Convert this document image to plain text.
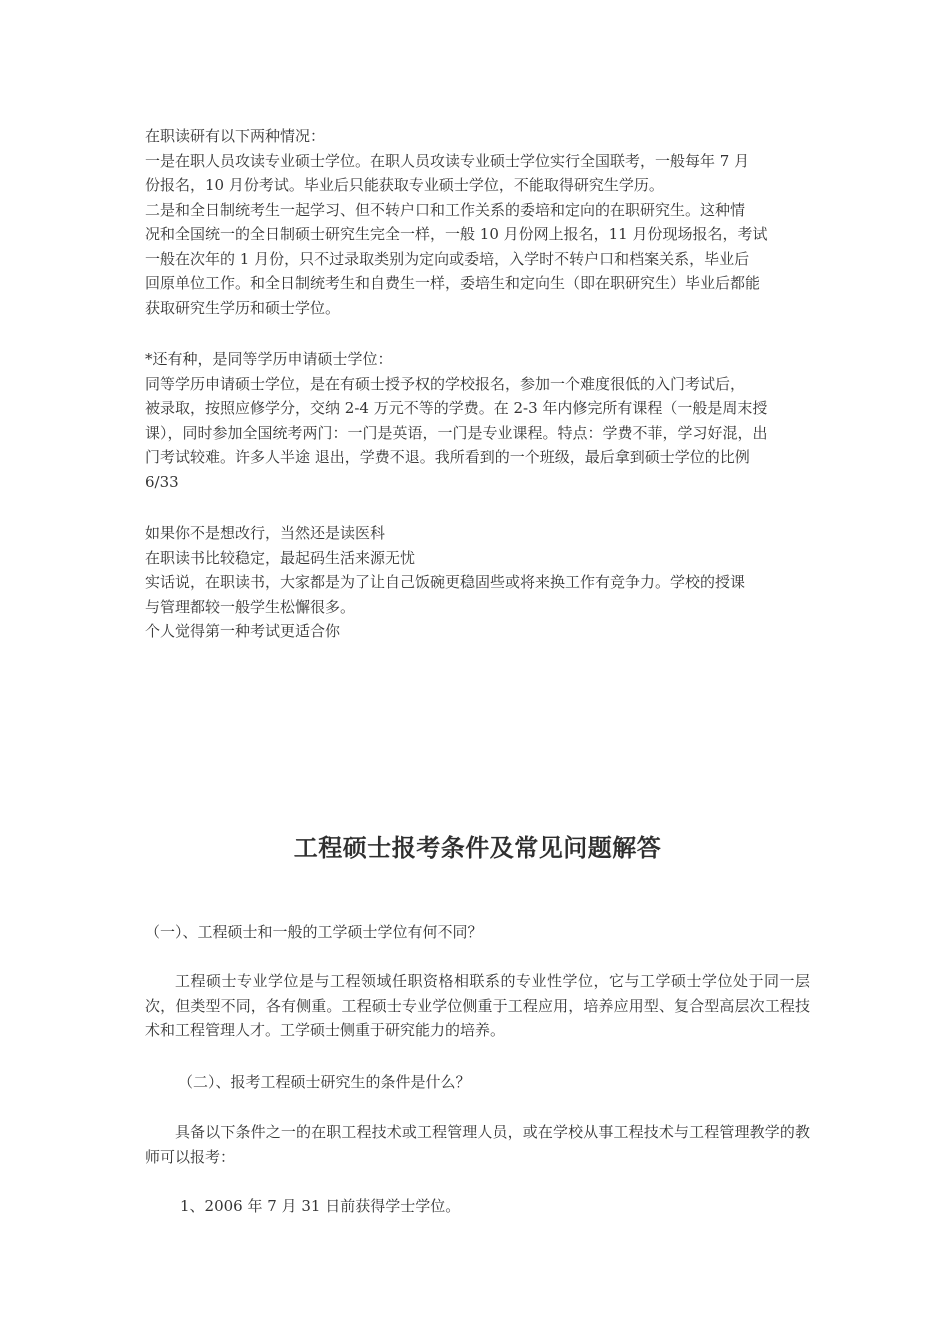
在职读研有以下两种情况：

一是在职人员攻读专业硕士学位。在职人员攻读专业硕士学位实行全国联考，一般每年 7 月

份报名，10 月份考试。毕业后只能获取专业硕士学位，不能取得研究生学历。

二是和全日制统考生一起学习、但不转户口和工作关系的委培和定向的在职研究生。这种情

况和全国统一的全日制硕士研究生完全一样，一般 10 月份网上报名，11 月份现场报名，考试

一般在次年的 1 月份，只不过录取类别为定向或委培，入学时不转户口和档案关系，毕业后

回原单位工作。和全日制统考生和自费生一样，委培生和定向生（即在职研究生）毕业后都能

获取研究生学历和硕士学位。

*还有种，是同等学历申请硕士学位：

同等学历申请硕士学位，是在有硕士授予权的学校报名，参加一个难度很低的入门考试后，

被录取，按照应修学分，交纳 2-4 万元不等的学费。在 2-3 年内修完所有课程（一般是周末授

课），同时参加全国统考两门：一门是英语，一门是专业课程。特点：学费不菲，学习好混，出

门考试较难。许多人半途 退出，学费不退。我所看到的一个班级，最后拿到硕士学位的比例

6/33

如果你不是想改行，当然还是读医科

在职读书比较稳定，最起码生活来源无忧

实话说，在职读书，大家都是为了让自己饭碗更稳固些或将来换工作有竞争力。学校的授课

与管理都较一般学生松懈很多。

个人觉得第一种考试更适合你

工程硕士报考条件及常见问题解答

（一）、工程硕士和一般的工学硕士学位有何不同？

工程硕士专业学位是与工程领域任职资格相联系的专业性学位，它与工学硕士学位处于同一层次，但类型不同，各有侧重。工程硕士专业学位侧重于工程应用，培养应用型、复合型高层次工程技术和工程管理人才。工学硕士侧重于研究能力的培养。

（二）、报考工程硕士研究生的条件是什么？

具备以下条件之一的在职工程技术或工程管理人员，或在学校从事工程技术与工程管理教学的教师可以报考：

1、2006 年 7 月 31 日前获得学士学位。
